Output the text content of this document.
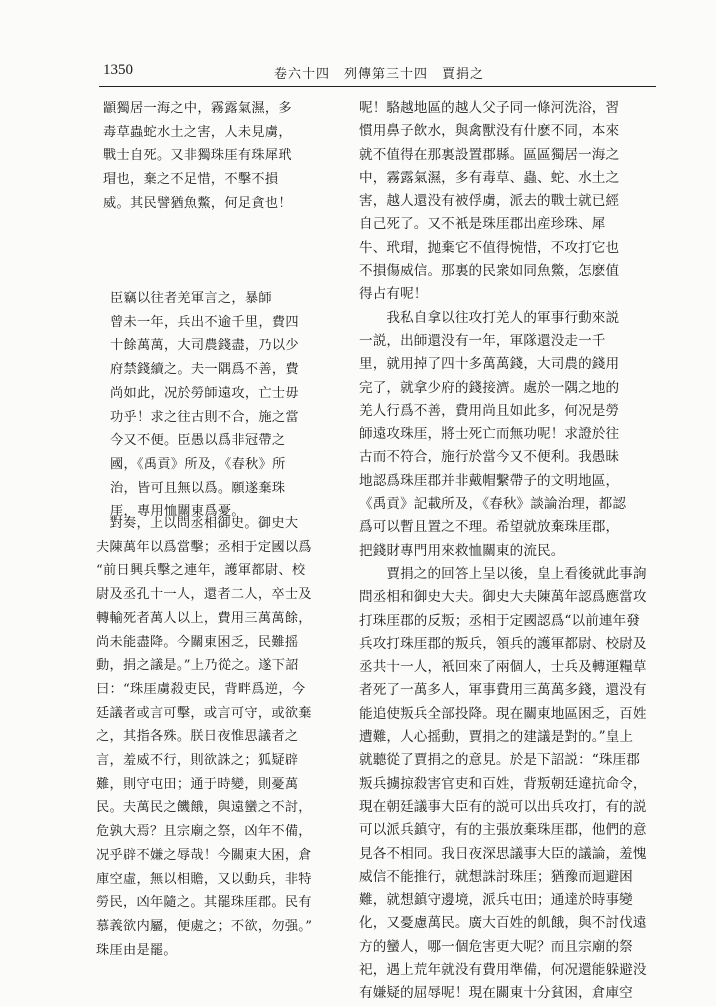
1350	卷六十四　列傳第三十四　賈捐之

顓獨居一海之中，霧露氣濕，多
毒草蟲蛇水土之害，人未見虜，
戰士自死。又非獨珠厓有珠犀玳
瑁也，棄之不足惜，不擊不損
威。其民譬猶魚鱉，何足貪也！

臣竊以往者羌軍言之，暴師
曾未一年，兵出不逾千里，費四
十餘萬萬，大司農錢盡，乃以少
府禁錢續之。夫一隅爲不善，費
尚如此，况於勞師遠攻，亡士毋
功乎！求之往古則不合，施之當
今又不便。臣愚以爲非冠帶之
國，《禹貢》所及，《春秋》所
治，皆可且無以爲。願遂棄珠
厓，專用恤關東爲憂。

　對奏，上以問丞相御史。御史大
夫陳萬年以爲當擊；丞相于定國以爲
“前日興兵擊之連年，護軍都尉、校
尉及丞孔十一人，還者二人，卒士及
轉輸死者萬人以上，費用三萬萬餘，
尚未能盡降。今關東困乏，民難摇
動，捐之議是。”上乃從之。遂下詔
曰：“珠厓虜殺吏民，背畔爲逆，今
廷議者或言可擊，或言可守，或欲棄
之，其指各殊。朕日夜惟思議者之
言，羞威不行，則欲誅之；狐疑辟
難，則守屯田；通于時變，則憂萬
民。夫萬民之饑餓，與遠蠻之不討，
危孰大焉？且宗廟之祭，凶年不備，
况乎辟不嫌之辱哉！今關東大困，倉
庫空虛，無以相贍，又以動兵，非特
勞民，凶年隨之。其罷珠厓郡。民有
慕義欲内屬，便處之；不欲，勿强。”
珠厓由是罷。

呢！駱越地區的越人父子同一條河洗浴，習
慣用鼻子飲水，與禽獸没有什麽不同，本來
就不值得在那裏設置郡縣。區區獨居一海之
中，霧露氣濕，多有毒草、蟲、蛇、水土之
害，越人還没有被俘虜，派去的戰士就已經
自己死了。又不衹是珠厓郡出産珍珠、犀
牛、玳瑁，抛棄它不值得惋惜，不攻打它也
不損傷威信。那裏的民衆如同魚鱉，怎麽值
得占有呢！
　　我私自拿以往攻打羌人的軍事行動來説
一説，出師還没有一年，軍隊還没走一千
里，就用掉了四十多萬萬錢，大司農的錢用
完了，就拿少府的錢接濟。處於一隅之地的
羌人行爲不善，費用尚且如此多，何况是勞
師遠攻珠厓，將士死亡而無功呢！求證於往
古而不符合，施行於當今又不便利。我愚昧
地認爲珠厓郡并非戴帽繫帶子的文明地區，
《禹貢》記載所及，《春秋》談論治理，都認
爲可以暫且置之不理。希望就放棄珠厓郡，
把錢財專門用來救恤關東的流民。
　　賈捐之的回答上呈以後，皇上看後就此事詢
問丞相和御史大夫。御史大夫陳萬年認爲應當攻
打珠厓郡的反叛；丞相于定國認爲“以前連年發
兵攻打珠厓郡的叛兵，領兵的護軍都尉、校尉及
丞共十一人，衹回來了兩個人，士兵及轉運糧草
者死了一萬多人，軍事費用三萬萬多錢，還没有
能追使叛兵全部投降。現在關東地區困乏，百姓
遭難，人心摇動，賈捐之的建議是對的。”皇上
就聽從了賈捐之的意見。於是下詔説：“珠厓郡
叛兵擄掠殺害官吏和百姓，背叛朝廷違抗命令，
現在朝廷議事大臣有的説可以出兵攻打，有的説
可以派兵鎮守，有的主張放棄珠厓郡，他們的意
見各不相同。我日夜深思議事大臣的議論，羞愧
威信不能推行，就想誅討珠厓；猶豫而迴避困
難，就想鎮守邊境，派兵屯田；通達於時事變
化，又憂慮萬民。廣大百姓的飢餓，與不討伐遠
方的蠻人，哪一個危害更大呢？而且宗廟的祭
祀，遇上荒年就没有費用準備，何况還能躲避没
有嫌疑的屈辱呢！現在關東十分貧困，倉庫空
